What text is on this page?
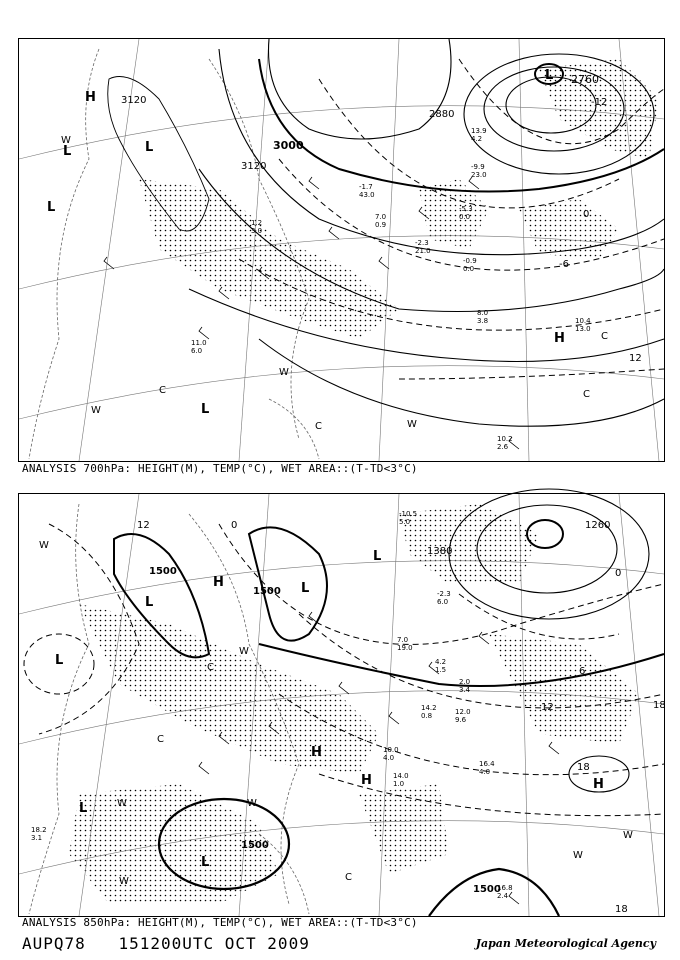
3120
3120
3000
2880
2760
-12
-6
0
12
H
L
L
L
L
L
H
W
W
W
W
C
C
C
C
10.4
13.0
10.2
2.6
8.0
3.8
11.0
6.0
-5.3
0.0
-1.7
43.0
-2.3
21.0
1.2
3.0
7.0
0.9
13.9
4.2
-9.9
23.0
-0.9
0.0
ANALYSIS 700hPa: HEIGHT(M), TEMP(°C), WET AREA::(T-TD<3°C)
1500
1500
1500
1500
1380
1260
12	0
0
6
12	18
18
18
L
L
H	L
L
H
H	H
L
L
W
W
W
W
W
C
C
C
W
W
-10.5
5.0
7.0
19.0
4.2
1.5
14.0
1.0
16.4
4.0
10.0
4.0
18.2
3.1
16.8
2.4
14.2
0.8
2.0
3.4
-2.3
6.0
12.0
9.6
ANALYSIS 850hPa: HEIGHT(M), TEMP(°C), WET AREA::(T-TD<3°C)
AUPQ78 151200UTC OCT 2009	Japan Meteorological Agency
